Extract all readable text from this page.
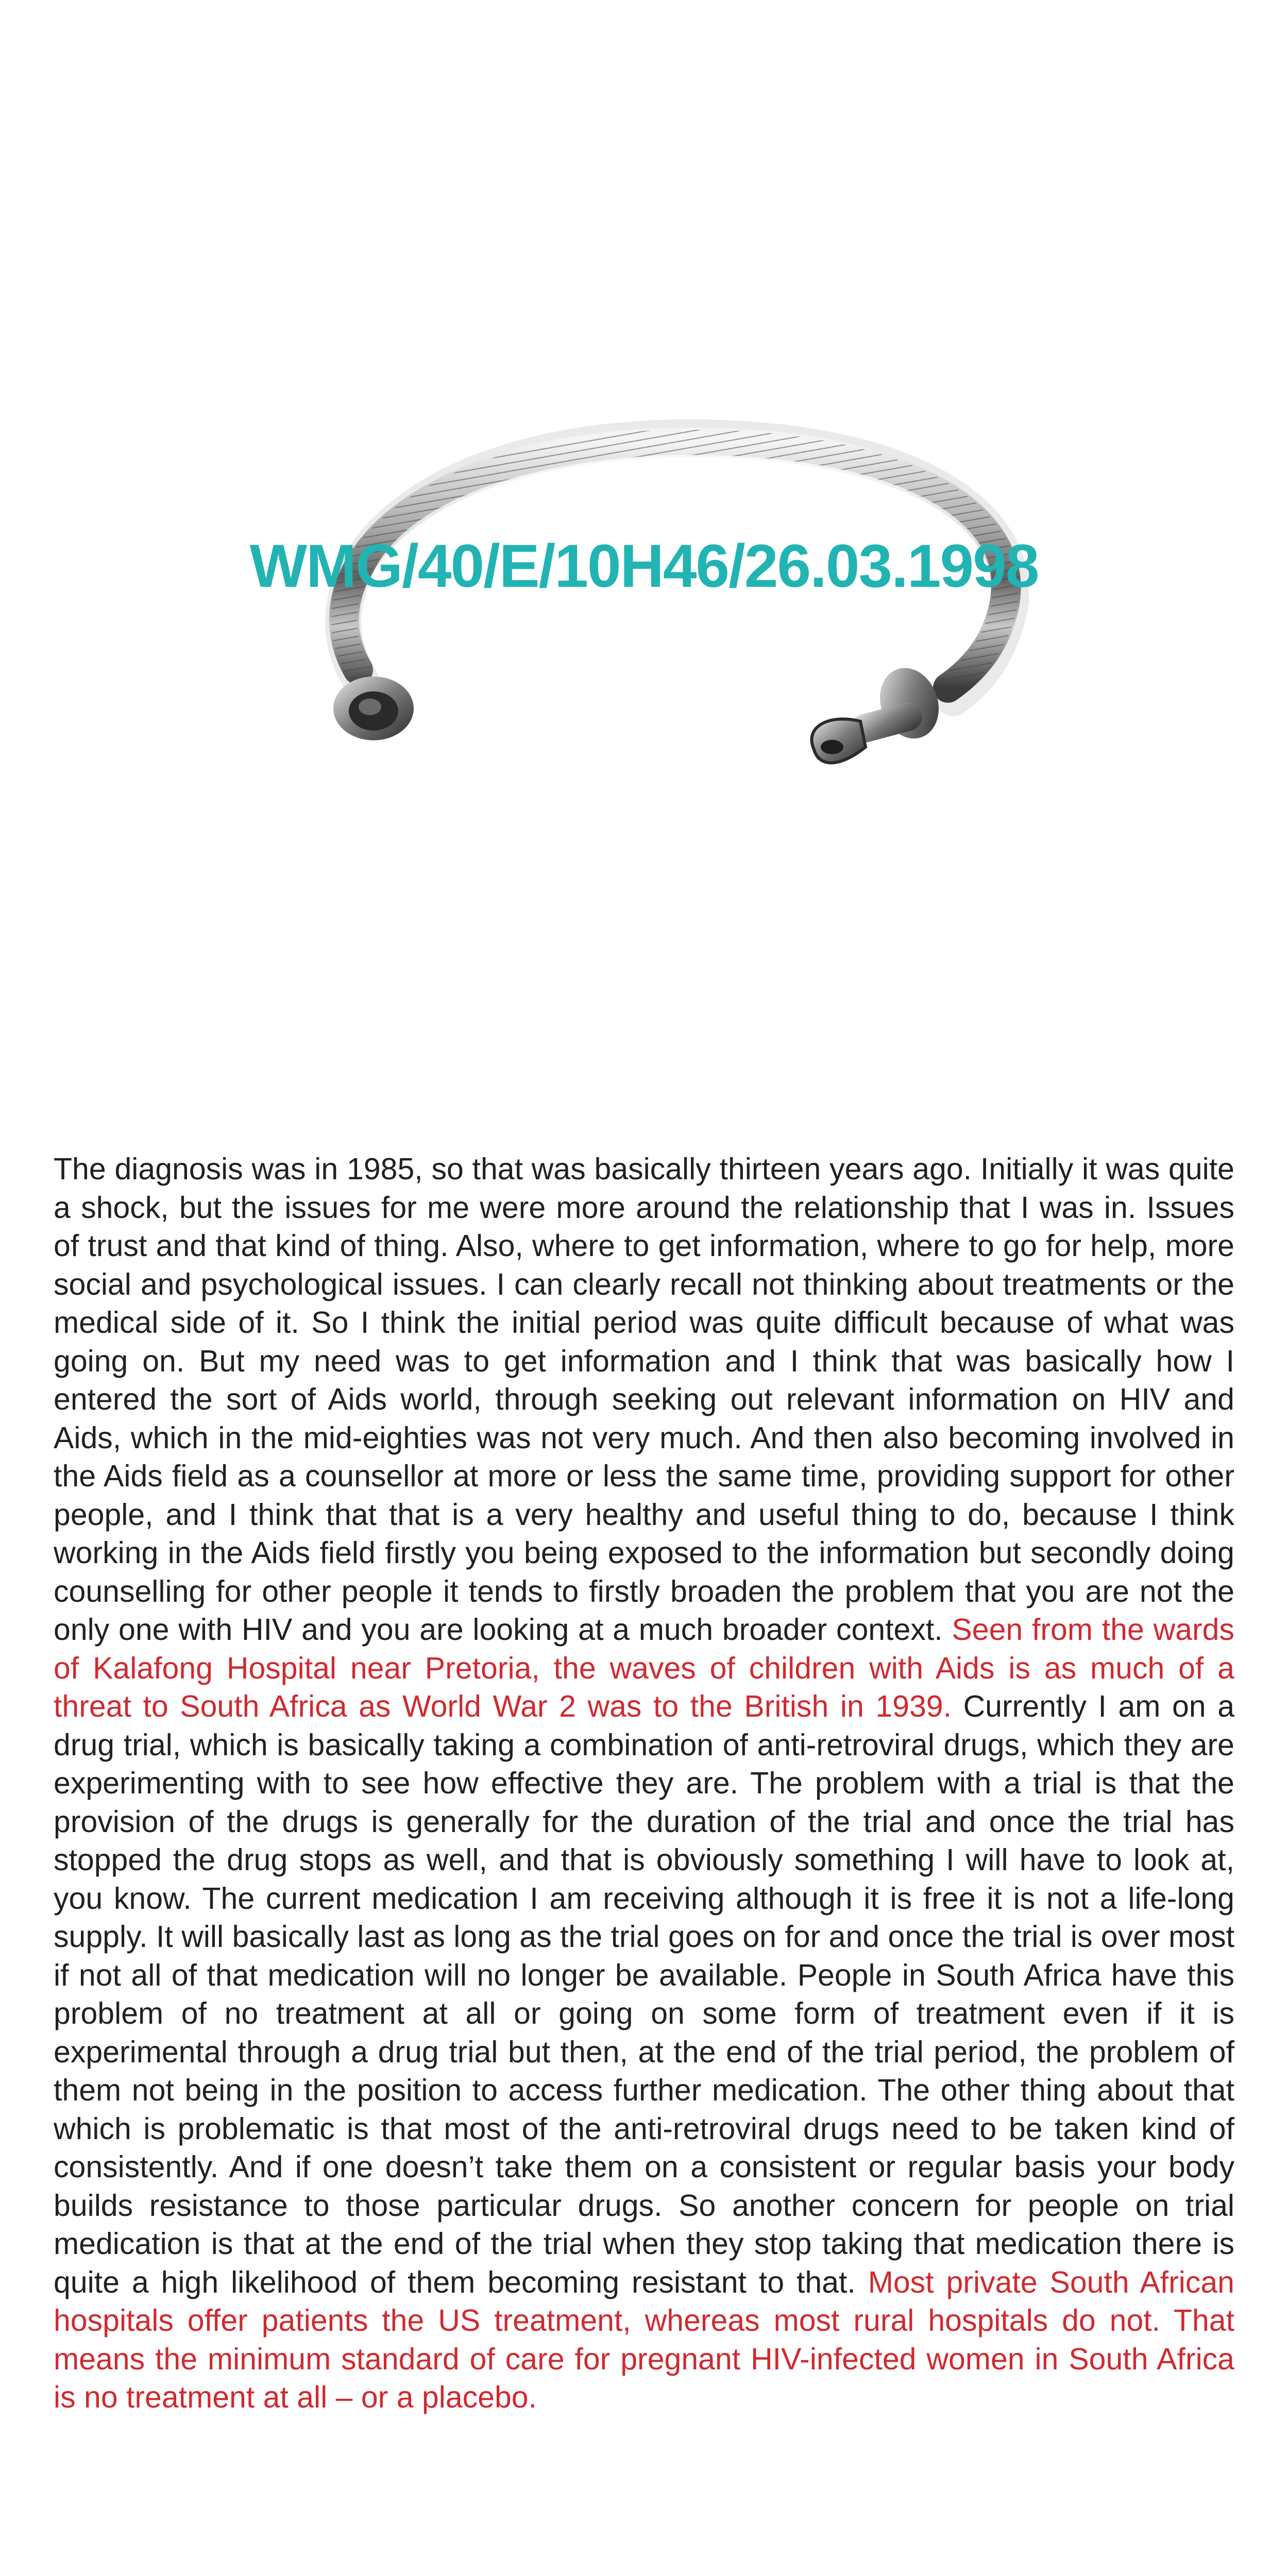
WMG/40/E/10H46/26.03.1998

The diagnosis was in 1985, so that was basically thirteen years ago. Initially it was quite a shock, but the issues for me were more around the relationship that I was in. Issues of trust and that kind of thing. Also, where to get information, where to go for help, more social and psychological issues. I can clearly recall not thinking about treatments or the medical side of it. So I think the initial period was quite difficult because of what was going on. But my need was to get information and I think that was basically how I entered the sort of Aids world, through seeking out relevant information on HIV and Aids, which in the mid-eighties was not very much. And then also becoming involved in the Aids field as a counsellor at more or less the same time, providing support for other people, and I think that that is a very healthy and useful thing to do, because I think working in the Aids field firstly you being exposed to the information but secondly doing counselling for other people it tends to firstly broaden the problem that you are not the only one with HIV and you are looking at a much broader context. Seen from the wards of Kalafong Hospital near Pretoria, the waves of children with Aids is as much of a threat to South Africa as World War 2 was to the British in 1939. Currently I am on a drug trial, which is basically taking a combination of anti-retroviral drugs, which they are experimenting with to see how effective they are. The problem with a trial is that the provision of the drugs is generally for the duration of the trial and once the trial has stopped the drug stops as well, and that is obviously something I will have to look at, you know. The current medication I am receiving although it is free it is not a life-long supply. It will basically last as long as the trial goes on for and once the trial is over most if not all of that medication will no longer be available. People in South Africa have this problem of no treatment at all or going on some form of treatment even if it is experimental through a drug trial but then, at the end of the trial period, the problem of them not being in the position to access further medication. The other thing about that which is problematic is that most of the anti-retroviral drugs need to be taken kind of consistently. And if one doesn’t take them on a consistent or regular basis your body builds resistance to those particular drugs. So another concern for people on trial medication is that at the end of the trial when they stop taking that medication there is quite a high likelihood of them becoming resistant to that. Most private South African hospitals offer patients the US treatment, whereas most rural hospitals do not. That means the minimum standard of care for pregnant HIV-infected women in South Africa is no treatment at all – or a placebo.
